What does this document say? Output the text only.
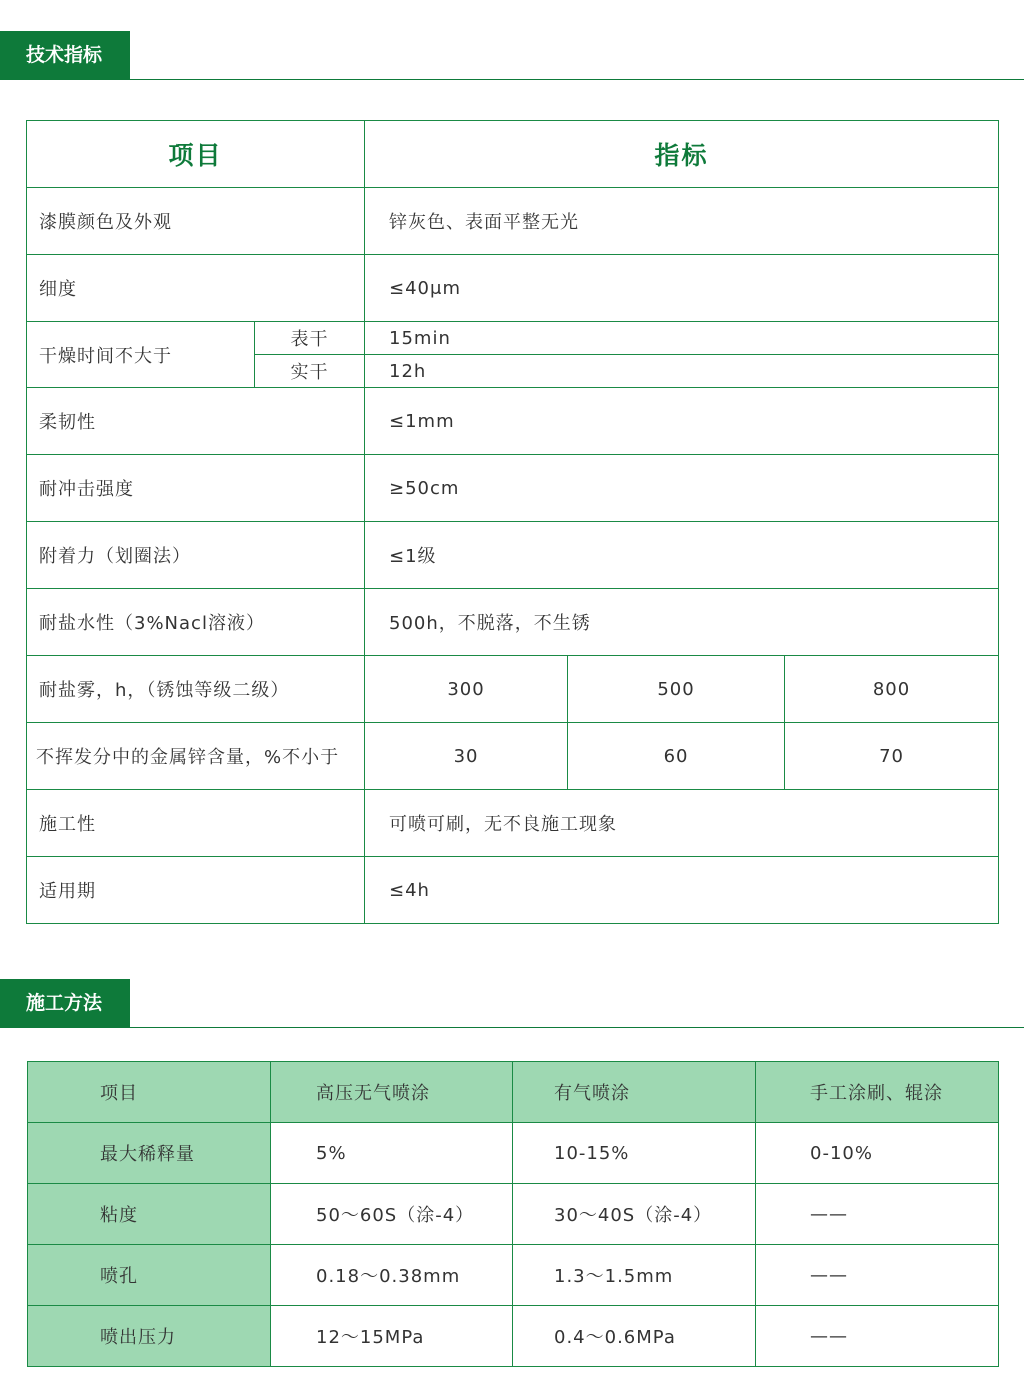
技术指标
项目		指标		
漆膜颜色及外观		锌灰色、表面平整无光		
细度		≤40μm		
干燥时间不大于	表干	15min		
	实干	12h		
柔韧性		≤1mm		
耐冲击强度		≥50cm		
附着力（划圈法）		≤1级		
耐盐水性（3%Nacl溶液）		500h，不脱落，不生锈		
耐盐雾，h，（锈蚀等级二级）		300	500	800
不挥发分中的金属锌含量，%不小于		30	60	70
施工性		可喷可刷，无不良施工现象		
适用期		≤4h		
施工方法
项目	高压无气喷涂	有气喷涂	手工涂刷、辊涂
最大稀释量	5%	10-15%	0-10%
粘度	50～60S（涂-4）	30～40S（涂-4）	——
喷孔	0.18～0.38mm	1.3～1.5mm	——
喷出压力	12～15MPa	0.4～0.6MPa	——
